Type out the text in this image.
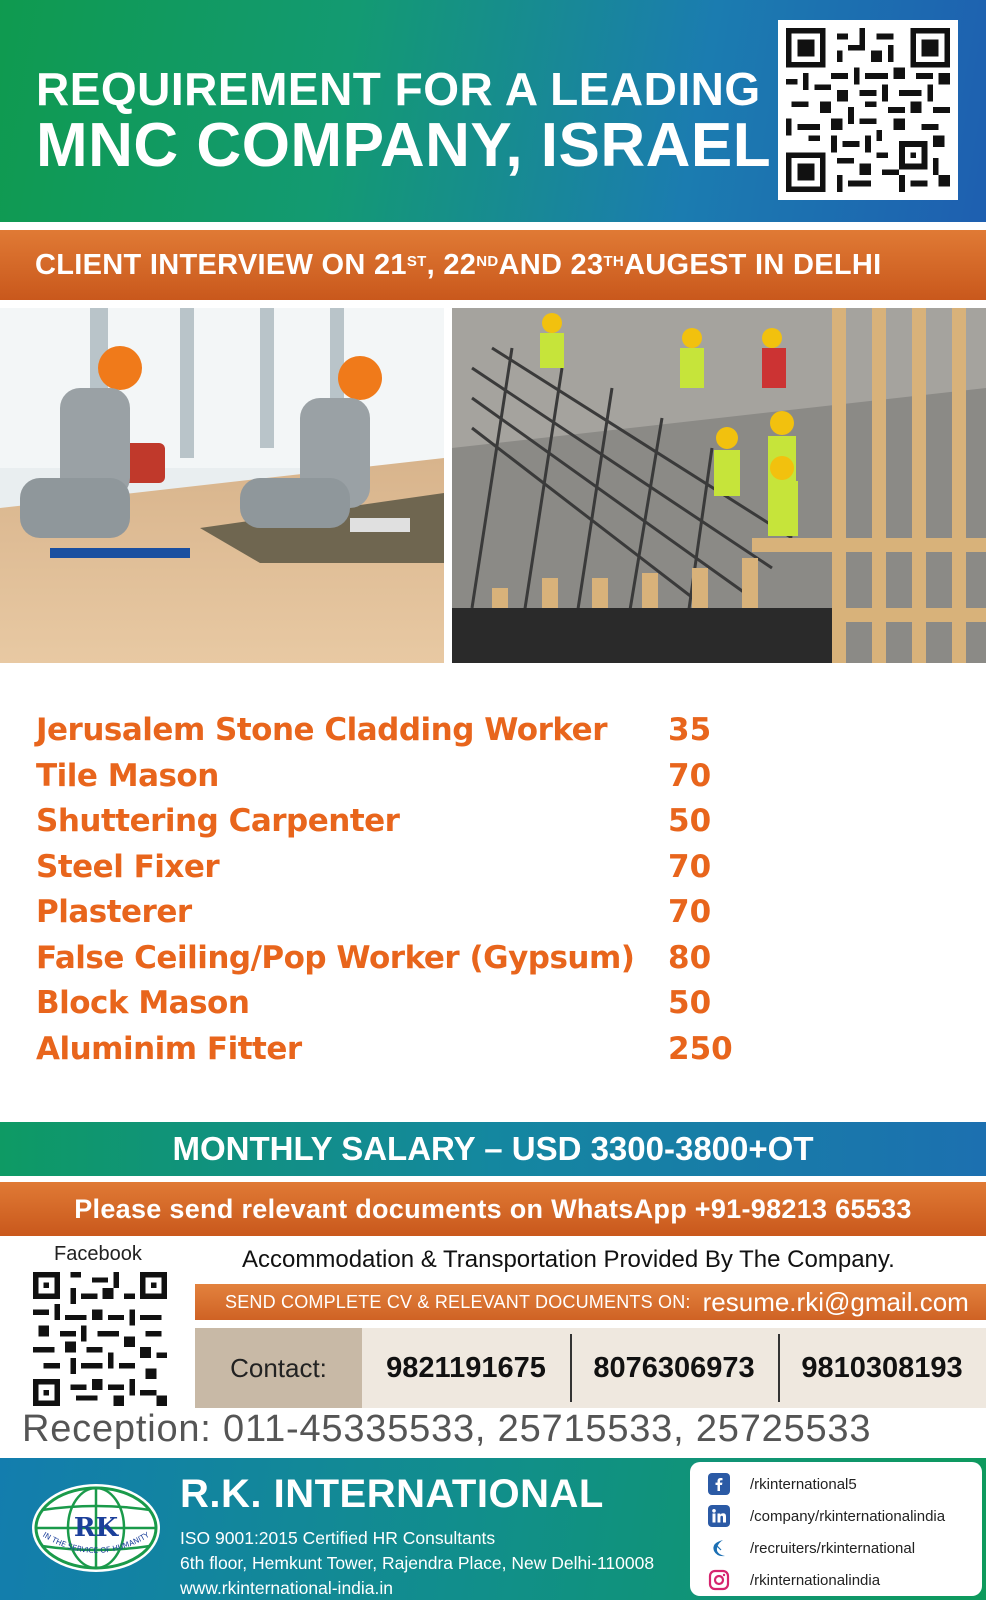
REQUIREMENT FOR A LEADING
MNC COMPANY, ISRAEL
CLIENT INTERVIEW ON 21ST , 22ND AND 23TH AUGEST IN DELHI
Jerusalem Stone Cladding Worker 35
Tile Mason	70
Shuttering Carpenter	50
Steel Fixer	70
Plasterer	70
False Ceiling/Pop Worker (Gypsum) 80
Block Mason	50
Aluminim Fitter	250
MONTHLY SALARY – USD 3300-3800+OT
Please send relevant documents on WhatsApp +91-98213 65533
Facebook	Accommodation & Transportation Provided By The Company.
SEND COMPLETE CV & RELEVANT DOCUMENTS ON: resume.rki@gmail.com
Contact:	9821191675	8076306973	9810308193
Reception: 011-45335533, 25715533, 25725533
RK
IN THE SERVICE OF HUMANITY
R.K. INTERNATIONAL
ISO 9001:2015 Certified HR Consultants
6th floor, Hemkunt Tower, Rajendra Place, New Delhi-110008
www.rkinternational-india.in
/rkinternational5
/company/rkinternationalindia
/recruiters/rkinternational
/rkinternationalindia
